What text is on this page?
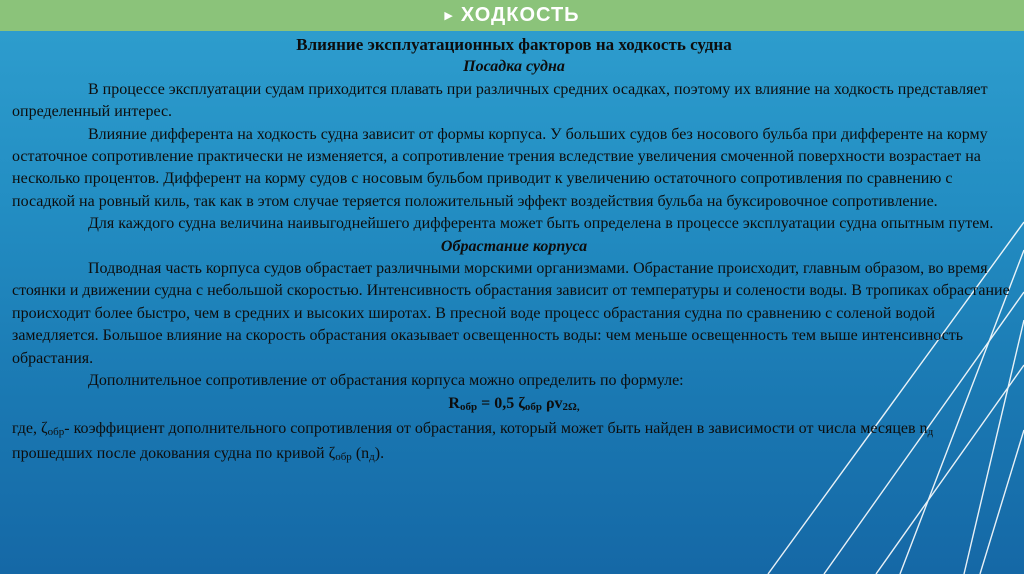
▶ ХОДКОСТЬ
Влияние эксплуатационных факторов на ходкость судна
Посадка судна

В процессе эксплуатации судам приходится плавать при различных средних осадках, поэтому их влияние на ходкость представляет определенный интерес.

Влияние дифферента на ходкость судна зависит от формы корпуса. У больших судов без носового бульба при дифференте на корму остаточное сопротивление практически не изменяется, а сопротивление трения вследствие увеличения смоченной поверхности возрастает на несколько процентов. Дифферент на корму судов с носовым бульбом приводит к увеличению остаточного сопротивления по сравнению с посадкой на ровный киль, так как в этом случае теряется положительный эффект воздействия бульба на буксировочное сопротивление.

Для каждого судна величина наивыгоднейшего дифферента может быть определена в процессе эксплуатации судна опытным путем.

Обрастание корпуса

Подводная часть корпуса судов обрастает различными морскими организмами. Обрастание происходит, главным образом, во время стоянки и движении судна с небольшой скоростью. Интенсивность обрастания зависит от температуры и солености воды. В тропиках обрастание происходит более быстро, чем в средних и высоких широтах. В пресной воде процесс обрастания судна по сравнению с соленой водой замедляется. Большое влияние на скорость обрастания оказывает освещенность воды: чем меньше освещенность тем выше интенсивность обрастания.

Дополнительное сопротивление от обрастания корпуса можно определить по формуле:

Rобр = 0,5 ζобр ρv2Ω,

где, ζобр- коэффициент дополнительного сопротивления от обрастания, который может быть найден в зависимости от числа месяцев nд прошедших после докования судна по кривой ζобр (nд).
